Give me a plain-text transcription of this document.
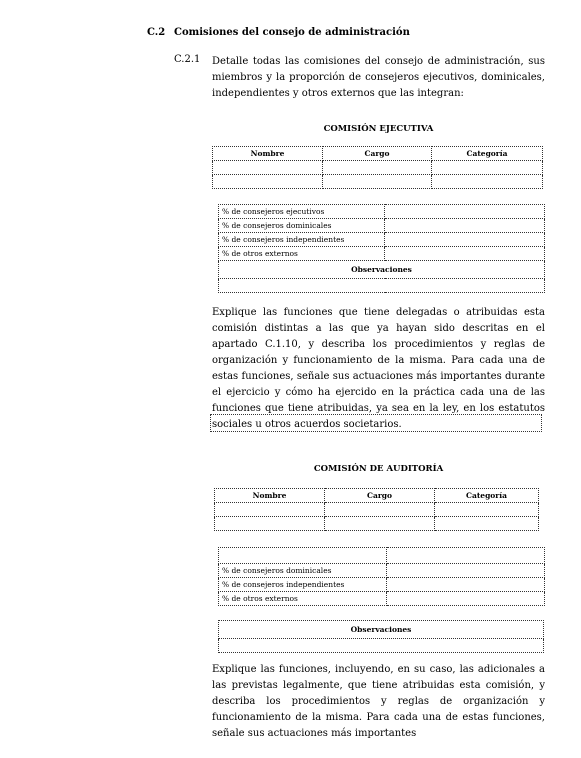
C.2 Comisiones del consejo de administración
C.2.1 Detalle todas las comisiones del consejo de administración, sus miembros y la proporción de consejeros ejecutivos, dominicales, independientes y otros externos que las integran:
COMISIÓN EJECUTIVA
Nombre	Cargo	Categoría

% de consejeros ejecutivos	
% de consejeros dominicales	
% de consejeros independientes	
% de otros externos	
Observaciones	

Explique las funciones que tiene delegadas o atribuidas esta comisión distintas a las que ya hayan sido descritas en el apartado C.1.10, y describa los procedimientos y reglas de organización y funcionamiento de la misma. Para cada una de estas funciones, señale sus actuaciones más importantes durante el ejercicio y cómo ha ejercido en la práctica cada una de las funciones que tiene atribuidas, ya sea en la ley, en los estatutos sociales u otros acuerdos societarios.
COMISIÓN DE AUDITORÍA
Nombre	Cargo	Categoría

% de consejeros dominicales	
% de consejeros independientes	
% de otros externos	
Observaciones

Explique las funciones, incluyendo, en su caso, las adicionales a las previstas legalmente, que tiene atribuidas esta comisión, y describa los procedimientos y reglas de organización y funcionamiento de la misma. Para cada una de estas funciones, señale sus actuaciones más importantes
